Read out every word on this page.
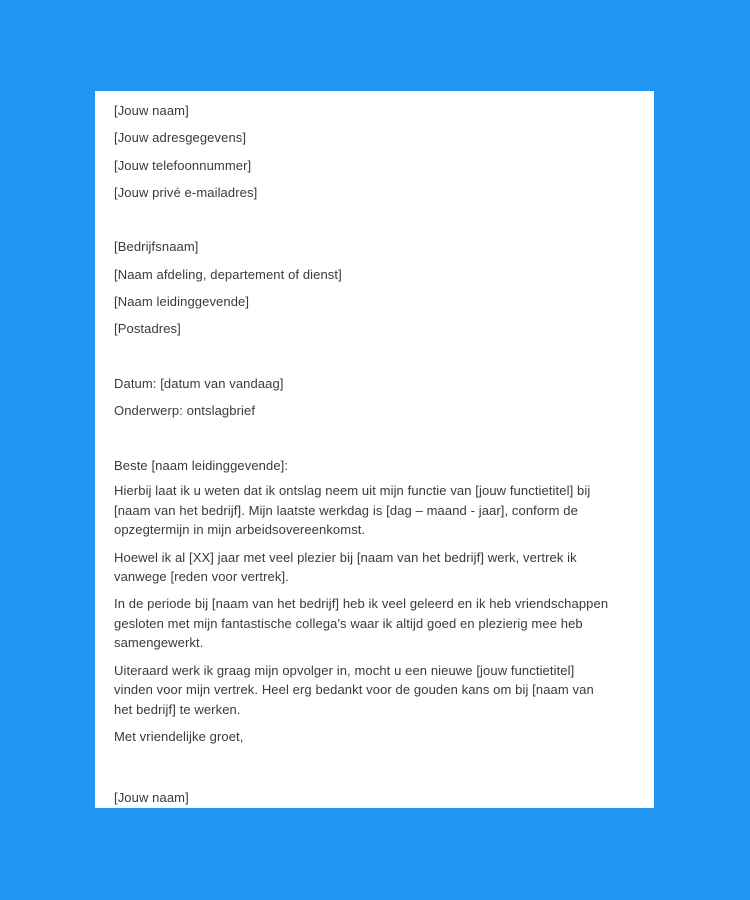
[Jouw naam]
[Jouw adresgegevens]
[Jouw telefoonnummer]
[Jouw privé e-mailadres]
[Bedrijfsnaam]
[Naam afdeling, departement of dienst]
[Naam leidinggevende]
[Postadres]
Datum: [datum van vandaag]
Onderwerp: ontslagbrief
Beste [naam leidinggevende]:
Hierbij laat ik u weten dat ik ontslag neem uit mijn functie van [jouw functietitel] bij [naam van het bedrijf]. Mijn laatste werkdag is [dag – maand - jaar], conform de opzegtermijn in mijn arbeidsovereenkomst.
Hoewel ik al [XX] jaar met veel plezier bij [naam van het bedrijf] werk, vertrek ik vanwege [reden voor vertrek].
In de periode bij [naam van het bedrijf] heb ik veel geleerd en ik heb vriendschappen gesloten met mijn fantastische collega's waar ik altijd goed en plezierig mee heb samengewerkt.
Uiteraard werk ik graag mijn opvolger in, mocht u een nieuwe [jouw functietitel] vinden voor mijn vertrek. Heel erg bedankt voor de gouden kans om bij [naam van het bedrijf] te werken.
Met vriendelijke groet,
[Jouw naam]
